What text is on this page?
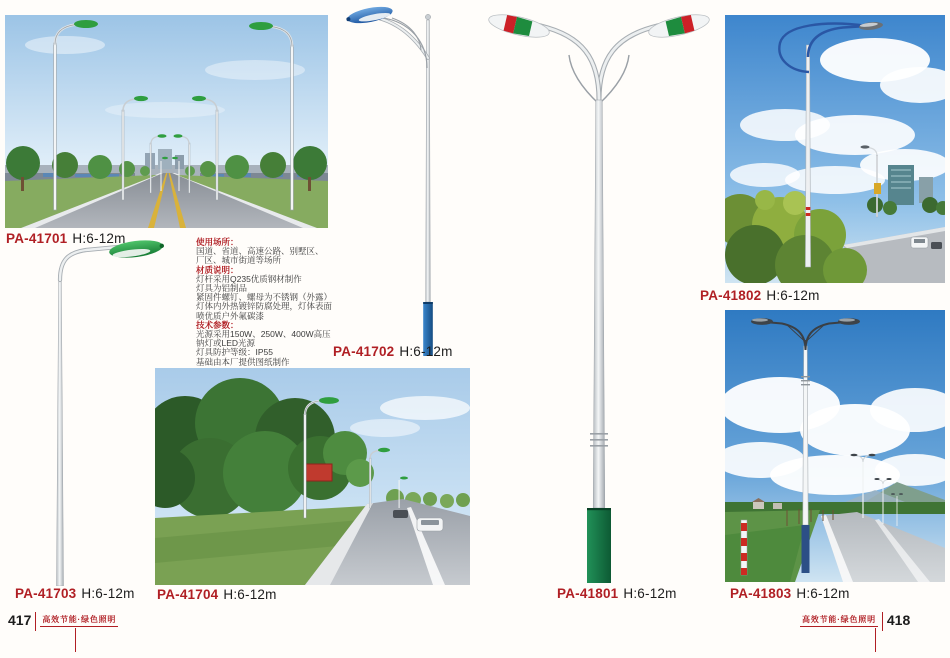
PA-41701 H:6-12m	使用场所：
国道、省道、高速公路、别墅区、
厂区、城市街道等场所
材质说明：
灯杆采用Q235优质钢材制作
灯具为铝制品
紧固件螺钉、螺母为不锈钢（外露）
灯体内外热镀锌防腐处理，灯体表面
喷优质户外氟碳漆
技术参数：
光源采用150W、250W、400W高压
钠灯或LED光源
灯具防护等级：IP55
基础由本厂提供图纸制作
PA-41703 H:6-12m
PA-41702 H:6-12m
PA-41704 H:6-12m	PA-41801 H:6-12m
PA-41802 H:6-12m
PA-41803 H:6-12m
417 高效节能·绿色照明	高效节能·绿色照明 418
